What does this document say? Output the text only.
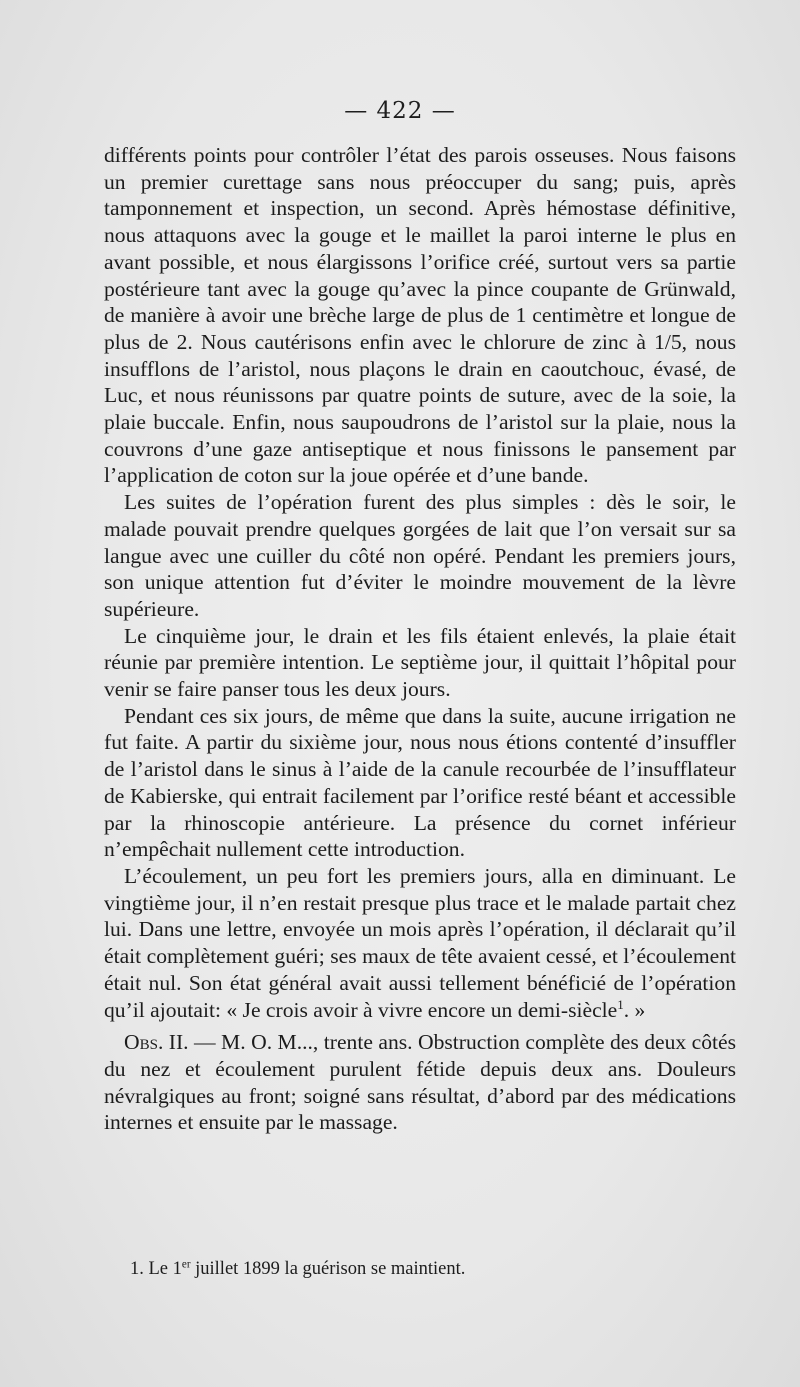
— 422 —

différents points pour contrôler l’état des parois osseuses. Nous faisons un premier curettage sans nous préoccuper du sang; puis, après tamponnement et inspection, un second. Après hémostase définitive, nous attaquons avec la gouge et le maillet la paroi interne le plus en avant possible, et nous élargissons l’orifice créé, surtout vers sa partie postérieure tant avec la gouge qu’avec la pince coupante de Grünwald, de manière à avoir une brèche large de plus de 1 centimètre et longue de plus de 2. Nous cautérisons enfin avec le chlorure de zinc à 1/5, nous insufflons de l’aristol, nous plaçons le drain en caoutchouc, évasé, de Luc, et nous réunissons par quatre points de suture, avec de la soie, la plaie buccale. Enfin, nous saupoudrons de l’aristol sur la plaie, nous la couvrons d’une gaze antiseptique et nous finissons le pansement par l’application de coton sur la joue opérée et d’une bande.

Les suites de l’opération furent des plus simples : dès le soir, le malade pouvait prendre quelques gorgées de lait que l’on versait sur sa langue avec une cuiller du côté non opéré. Pendant les premiers jours, son unique attention fut d’éviter le moindre mouvement de la lèvre supérieure.

Le cinquième jour, le drain et les fils étaient enlevés, la plaie était réunie par première intention. Le septième jour, il quittait l’hôpital pour venir se faire panser tous les deux jours.

Pendant ces six jours, de même que dans la suite, aucune irrigation ne fut faite. A partir du sixième jour, nous nous étions contenté d’insuffler de l’aristol dans le sinus à l’aide de la canule recourbée de l’insufflateur de Kabierske, qui entrait facilement par l’orifice resté béant et accessible par la rhinoscopie antérieure. La présence du cornet inférieur n’empêchait nullement cette introduction.

L’écoulement, un peu fort les premiers jours, alla en diminuant. Le vingtième jour, il n’en restait presque plus trace et le malade partait chez lui. Dans une lettre, envoyée un mois après l’opération, il déclarait qu’il était complètement guéri; ses maux de tête avaient cessé, et l’écoulement était nul. Son état général avait aussi tellement bénéficié de l’opération qu’il ajoutait: « Je crois avoir à vivre encore un demi-siècle$^1$. »

Obs. II. — M. O. M..., trente ans. Obstruction complète des deux côtés du nez et écoulement purulent fétide depuis deux ans. Douleurs névralgiques au front; soigné sans résultat, d’abord par des médications internes et ensuite par le massage.

1. Le 1er juillet 1899 la guérison se maintient.
